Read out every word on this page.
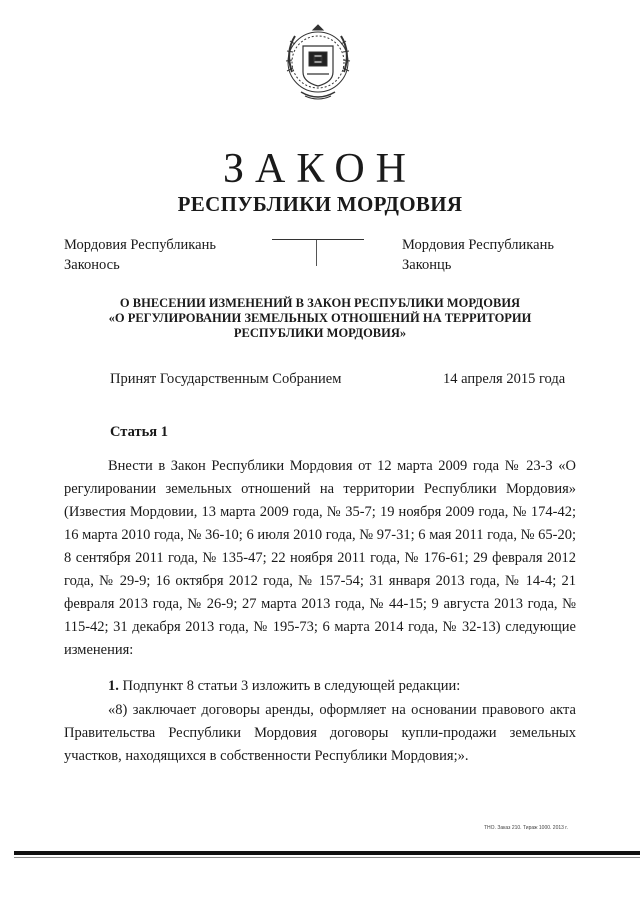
ЗАКОН
РЕСПУБЛИКИ МОРДОВИЯ
Мордовия Республикань
Законось
Мордовия Республикань
Законць
О ВНЕСЕНИИ ИЗМЕНЕНИЙ В ЗАКОН РЕСПУБЛИКИ МОРДОВИЯ
«О РЕГУЛИРОВАНИИ ЗЕМЕЛЬНЫХ ОТНОШЕНИЙ НА ТЕРРИТОРИИ
РЕСПУБЛИКИ МОРДОВИЯ»
Принят Государственным Собранием	14 апреля 2015 года
Статья 1
Внести в Закон Республики Мордовия от 12 марта 2009 года № 23-З «О регулировании земельных отношений на территории Республики Мордовия» (Известия Мордовии, 13 марта 2009 года, № 35-7; 19 ноября 2009 года, № 174-42; 16 марта 2010 года, № 36-10; 6 июля 2010 года, № 97-31; 6 мая 2011 года, № 65-20; 8 сентября 2011 года, № 135-47; 22 ноября 2011 года, № 176-61; 29 февраля 2012 года, № 29-9; 16 октября 2012 года, № 157-54; 31 января 2013 года, № 14-4; 21 февраля 2013 года, № 26-9; 27 марта 2013 года, № 44-15; 9 августа 2013 года, № 115-42; 31 декабря 2013 года, № 195-73; 6 марта 2014 года, № 32-13) следующие изменения:
1. Подпункт 8 статьи 3 изложить в следующей редакции:
«8) заключает договоры аренды, оформляет на основании правового акта Правительства Республики Мордовия договоры купли-продажи земельных участков, находящихся в собственности Республики Мордовия;».
ТНО. Заказ 210. Тираж 1000. 2013 г.
